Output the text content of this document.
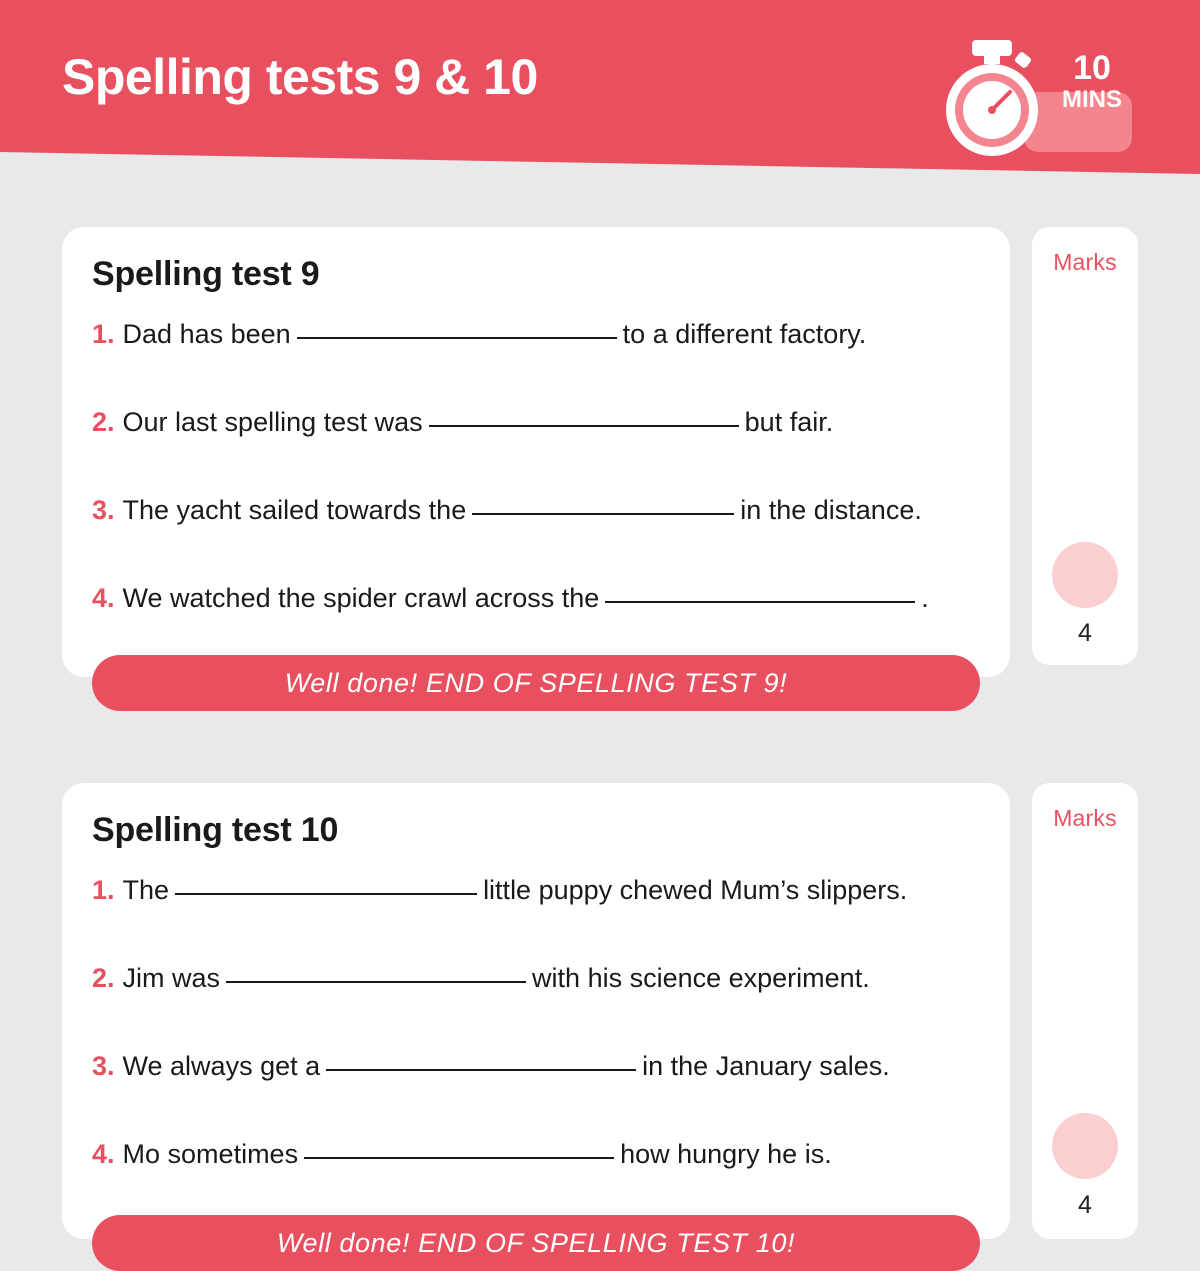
Spelling tests 9 & 10	10
MINS
Spelling test 9
1. Dad has been	to a different factory.
2. Our last spelling test was	but fair.
3. The yacht sailed towards the	in the distance.
4. We watched the spider crawl across the	.
Well done! END OF SPELLING TEST 9!
Marks
4
Spelling test 10
1. The	little puppy chewed Mum’s slippers.
2. Jim was	with his science experiment.
3. We always get a	in the January sales.
4. Mo sometimes	how hungry he is.
Well done! END OF SPELLING TEST 10!
Marks
4
